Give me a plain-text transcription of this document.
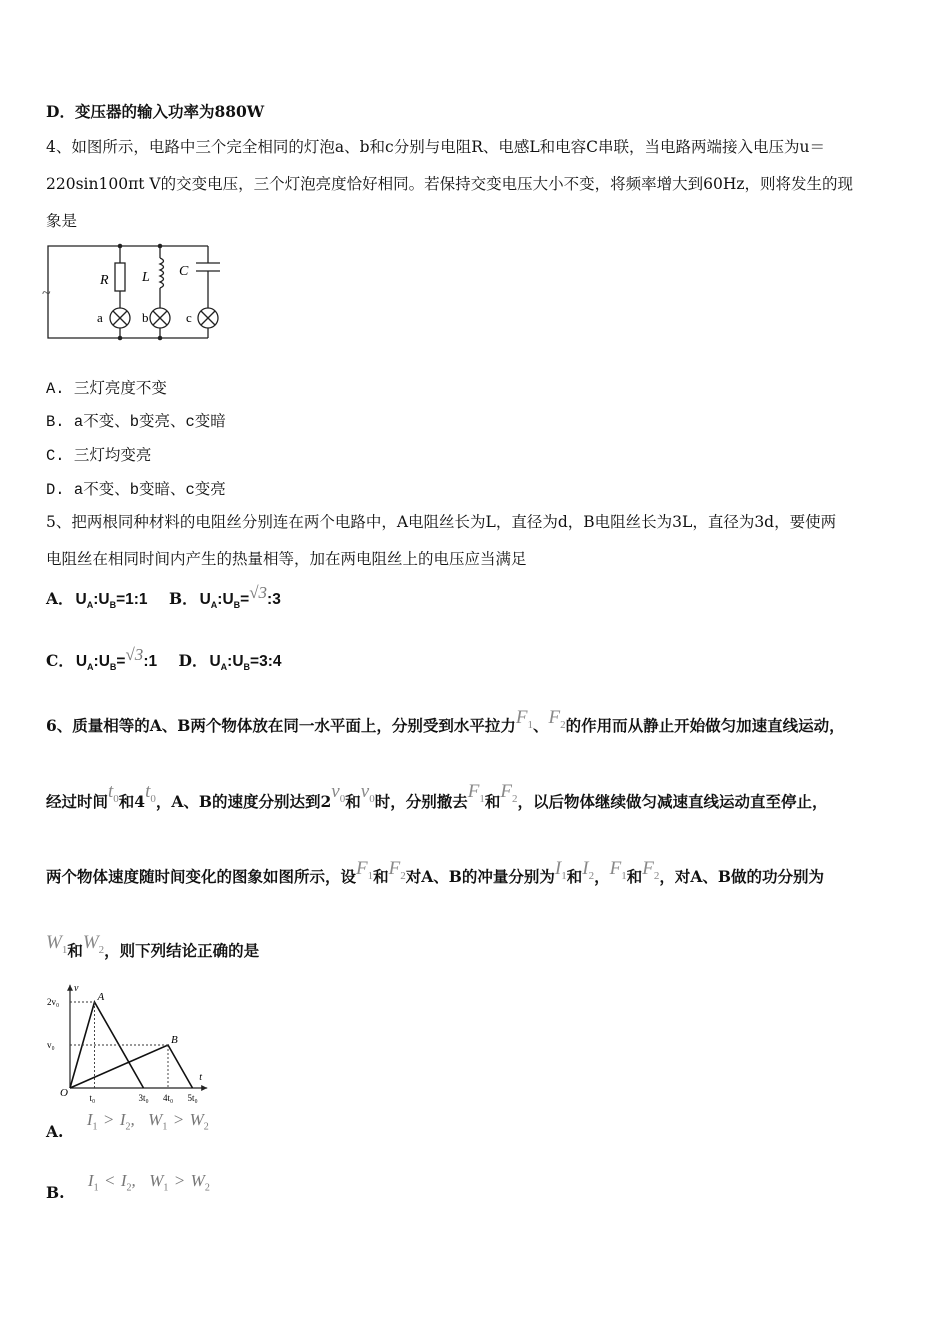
D．变压器的输入功率为880W
4、如图所示，电路中三个完全相同的灯泡a、b和c分别与电阻R、电感L和电容C串联，当电路两端接入电压为u＝
220sin100πt V的交变电压，三个灯泡亮度恰好相同。若保持交变电压大小不变，将频率增大到60Hz，则将发生的现
象是
~
R L C
a	b	c
A. 三灯亮度不变
B. a不变、b变亮、c变暗
C. 三灯均变亮
D. a不变、b变暗、c变亮
5、把两根同种材料的电阻丝分别连在两个电路中，A电阻丝长为L，直径为d，B电阻丝长为3L，直径为3d，要使两
电阻丝在相同时间内产生的热量相等，加在两电阻丝上的电压应当满足
A． $U_A:U_B=1:1$ B． $U_A:U_B=√3:3$
C． $U_A:U_B=√3:1$ D． $U_A:U_B=3:4$
6、质量相等的A、B两个物体放在同一水平面上，分别受到水平拉力$F_1$、$F_2$的作用而从静止开始做匀加速直线运动，
经过时间$t_0$和$4t_0$，A、B的速度分别达到$2v_0$和$v_0$时，分别撤去$F_1$和$F_2$，以后物体继续做匀减速直线运动直至停止，
两个物体速度随时间变化的图象如图所示，设$F_1$和$F_2$对A、B的冲量分别为$I_1$和$I_2$，$F_1$和$F_2$，对A、B做的功分别为
$W_1$和$W_2$，则下列结论正确的是
t
v
O
A
B
2v₀
v₀
t₀	3t₀ 4t₀ 5t₀
A. $I_1 > I_2$, $W_1 > W_2$
B. $I_1 < I_2$, $W_1 > W_2$
